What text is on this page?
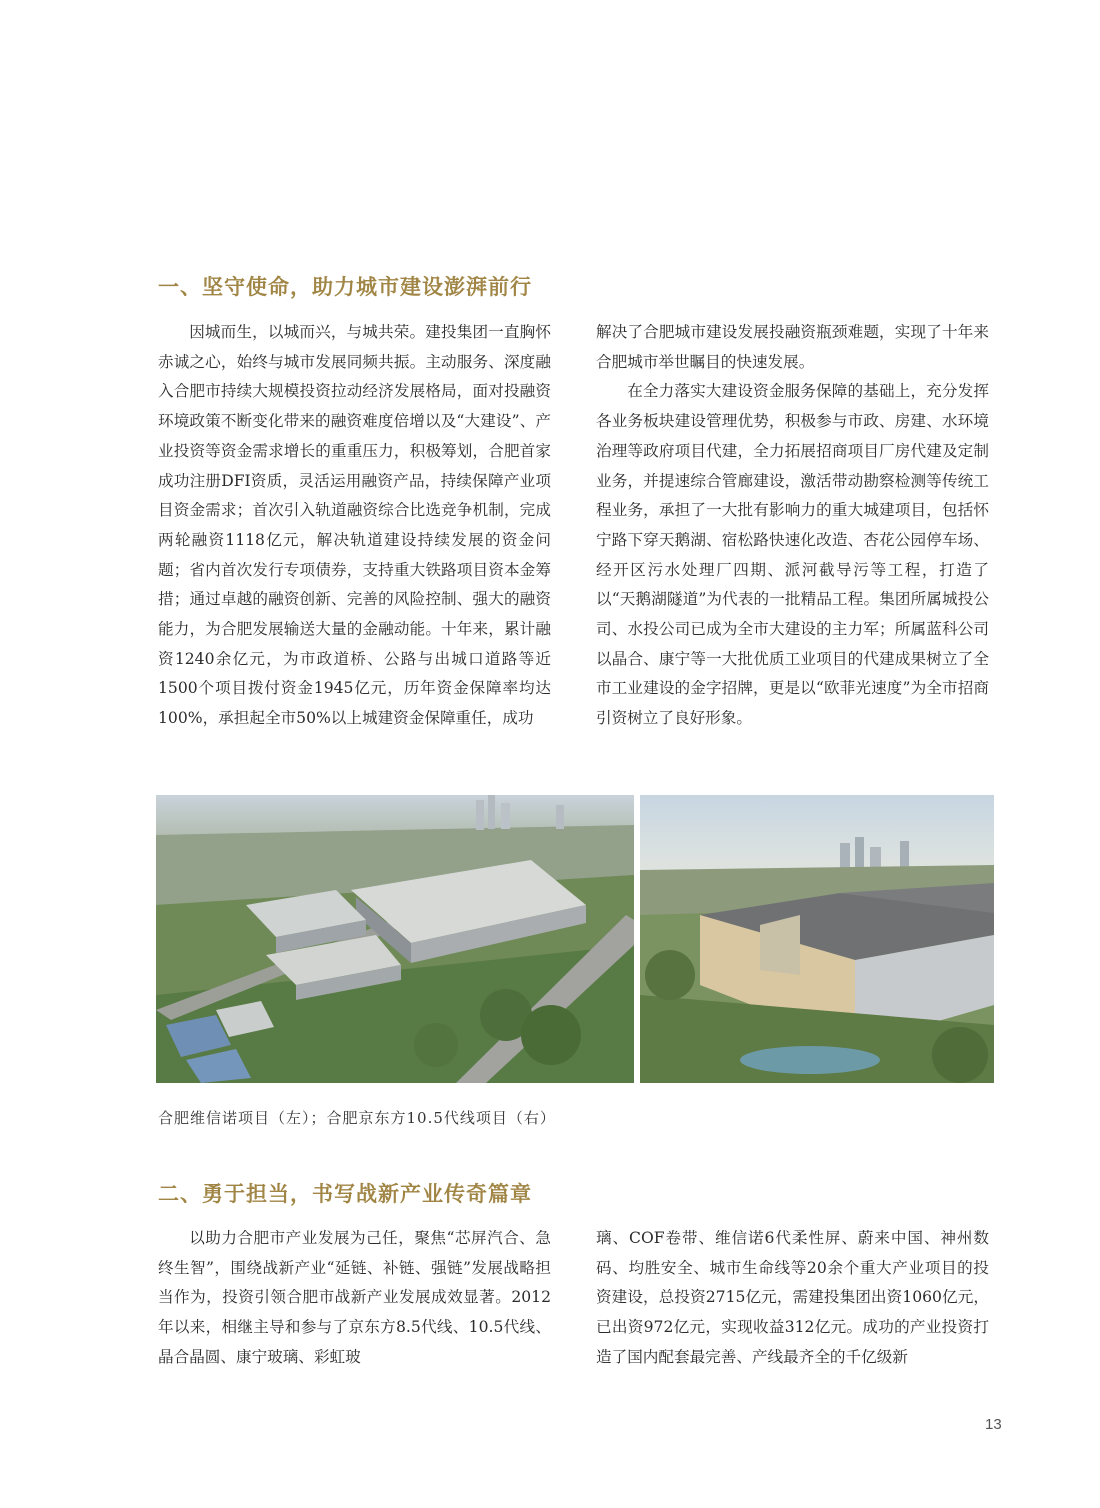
一、坚守使命，助力城市建设澎湃前行

因城而生，以城而兴，与城共荣。建投集团一直胸怀赤诚之心，始终与城市发展同频共振。主动服务、深度融入合肥市持续大规模投资拉动经济发展格局，面对投融资环境政策不断变化带来的融资难度倍增以及“大建设”、产业投资等资金需求增长的重重压力，积极筹划，合肥首家成功注册DFI资质，灵活运用融资产品，持续保障产业项目资金需求；首次引入轨道融资综合比选竞争机制，完成两轮融资1118亿元，解决轨道建设持续发展的资金问题；省内首次发行专项债券，支持重大铁路项目资本金筹措；通过卓越的融资创新、完善的风险控制、强大的融资能力，为合肥发展输送大量的金融动能。十年来，累计融资1240余亿元，为市政道桥、公路与出城口道路等近1500个项目拨付资金1945亿元，历年资金保障率均达100%，承担起全市50%以上城建资金保障重任，成功

解决了合肥城市建设发展投融资瓶颈难题，实现了十年来合肥城市举世瞩目的快速发展。

在全力落实大建设资金服务保障的基础上，充分发挥各业务板块建设管理优势，积极参与市政、房建、水环境治理等政府项目代建，全力拓展招商项目厂房代建及定制业务，并提速综合管廊建设，激活带动勘察检测等传统工程业务，承担了一大批有影响力的重大城建项目，包括怀宁路下穿天鹅湖、宿松路快速化改造、杏花公园停车场、经开区污水处理厂四期、派河截导污等工程，打造了以“天鹅湖隧道”为代表的一批精品工程。集团所属城投公司、水投公司已成为全市大建设的主力军；所属蓝科公司以晶合、康宁等一大批优质工业项目的代建成果树立了全市工业建设的金字招牌，更是以“欧菲光速度”为全市招商引资树立了良好形象。

合肥维信诺项目（左）；合肥京东方10.5代线项目（右）

二、勇于担当，书写战新产业传奇篇章

以助力合肥市产业发展为己任，聚焦“芯屏汽合、急终生智”，围绕战新产业“延链、补链、强链”发展战略担当作为，投资引领合肥市战新产业发展成效显著。2012年以来，相继主导和参与了京东方8.5代线、10.5代线、晶合晶圆、康宁玻璃、彩虹玻

璃、COF卷带、维信诺6代柔性屏、蔚来中国、神州数码、均胜安全、城市生命线等20余个重大产业项目的投资建设，总投资2715亿元，需建投集团出资1060亿元，已出资972亿元，实现收益312亿元。成功的产业投资打造了国内配套最完善、产线最齐全的千亿级新

13
